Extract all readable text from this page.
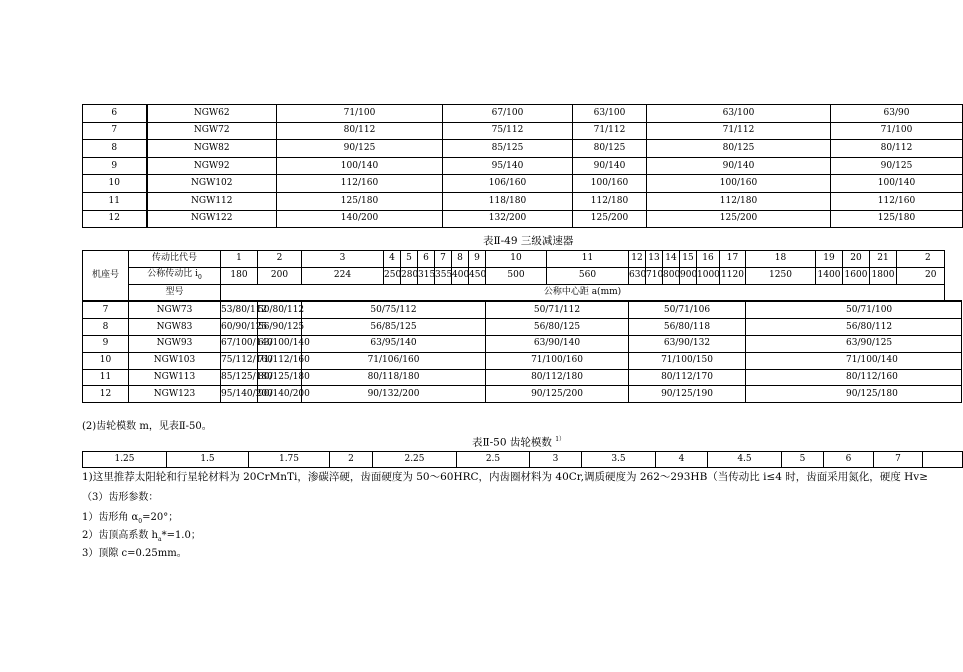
6	NGW62	71/100	67/100	63/100	63/100	63/90
7	NGW72	80/112	75/112	71/112	71/112	71/100
8	NGW82	90/125	85/125	80/125	80/125	80/112
9	NGW92	100/140	95/140	90/140	90/140	90/125
10	NGW102	112/160	106/160	100/160	100/160	100/140
11	NGW112	125/180	118/180	112/180	112/180	112/160
12	NGW122	140/200	132/200	125/200	125/200	125/180
表Ⅱ-49 三级减速器
机座号	传动比代号	1	2	3	4	5	6	7	8	9	10	11	12	13	14	15	16	17	18	19	20	21	2
	公称传动比 $i_0$	180	200	224	250	280	315	355	400	450	500	560	630	710	800	900	1000	1120	1250	1400	1600	1800	20
	型号	公称中心距 a(mm)																					
7	NGW73	53/80/112	50/80/112	50/75/112							50/71/112		50/71/106						50/71/100				
8	NGW83	60/90/125	56/90/125	56/85/125							56/80/125		56/80/118						56/80/112				
9	NGW93	67/100/140	63/100/140	63/95/140							63/90/140		63/90/132						63/90/125				
10	NGW103	75/112/160	71/112/160	71/106/160							71/100/160		71/100/150						71/100/140				
11	NGW113	85/125/180	80/125/180	80/118/180							80/112/180		80/112/170						80/112/160				
12	NGW123	95/140/200	90/140/200	90/132/200							90/125/200		90/125/190						90/125/180				
(2)齿轮模数 m，见表Ⅱ-50。
表Ⅱ-50 齿轮模数 $^{1)}$
1.25	1.5	1.75	2	2.25	2.5	3	3.5	4	4.5	5	6	7	
1)这里推荐太阳轮和行星轮材料为 20CrMnTi，渗碳淬硬，齿面硬度为 50～60HRC，内齿圈材料为 40Cr,调质硬度为 262～293HB（当传动比 i≤4 时，齿面采用氮化，硬度 Hv≥
（3）齿形参数：
1）齿形角 $\alpha_0=20^\circ$；
2）齿顶高系数 $h_a*=1.0$；
3）顶隙 c=0.25mm。
